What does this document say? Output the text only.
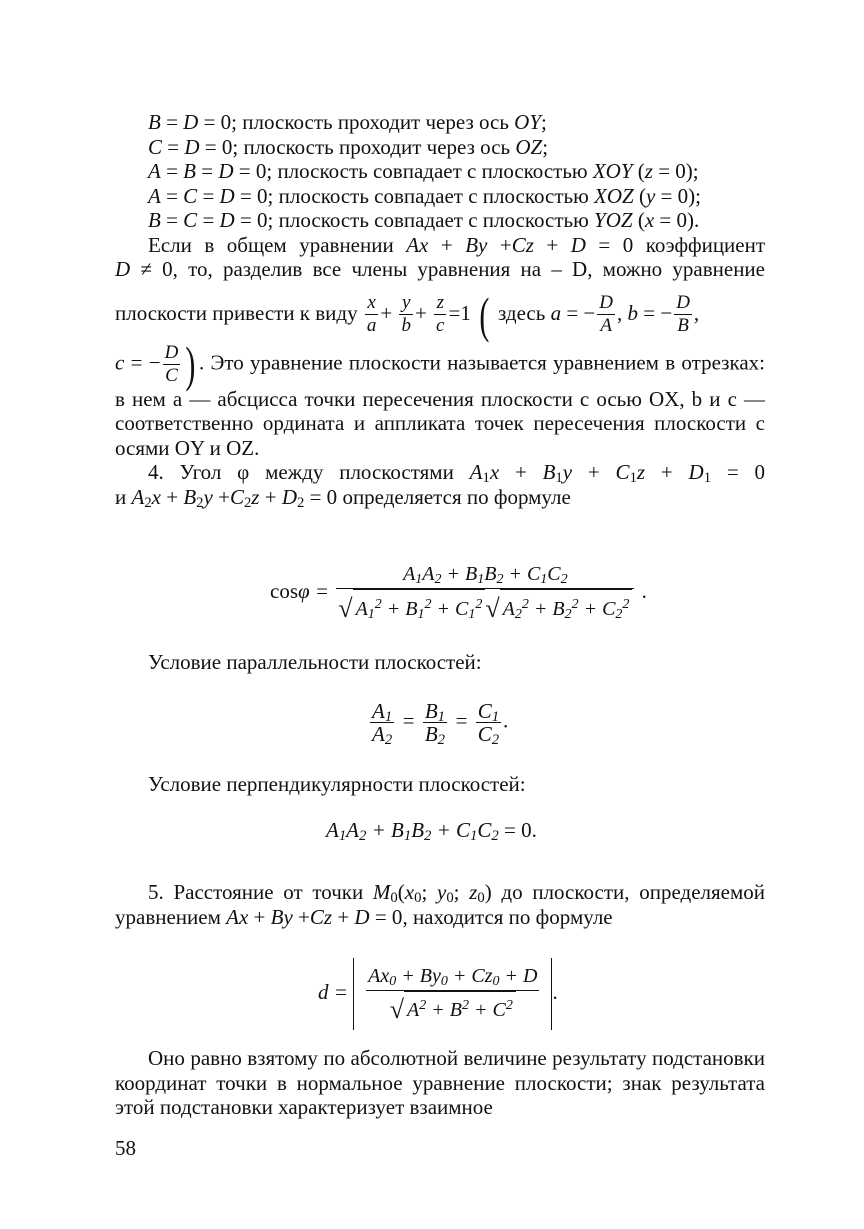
B = D = 0; плоскость проходит через ось OY;

C = D = 0; плоскость проходит через ось OZ;

A = B = D = 0; плоскость совпадает с плоскостью XOY (z = 0);

A = C = D = 0; плоскость совпадает с плоскостью XOZ (y = 0);

B = C = D = 0; плоскость совпадает с плоскостью YOZ (x = 0).

Если в общем уравнении Ax + By +Cz + D = 0 коэффициент

D ≠ 0, то, разделив все члены уравнения на – D, можно уравнение

плоскости привести к виду $\frac{x}{a} + \frac{y}{b} + \frac{z}{c} =1$ ( здесь a = − $\frac{D}{A}$ , b = − $\frac{D}{B}$ ,

c = − $\frac{D}{C}$ ) . Это уравнение плоскости называется уравнением в отрезках: в нем a — абсцисса точки пересечения плоскости с осью OX, b и c — соответственно ордината и аппликата точек пересечения плоскости с осями OY и OZ.

4. Угол φ между плоскостями $A_1x + B_1y + C_1z + D_1 = 0$

и $A_2x + B_2y +C_2z + D_2 = 0$ определяется по формуле

$\cos\varphi = \frac{A_1A_2 + B_1B_2 + C_1C_2}{√ A_1^2 + B_1^2 + C_1^2 √ A_2^2 + B_2^2 + C_2^2}$ .

Условие параллельности плоскостей:

$\frac{A_1}{A_2} = \frac{B_1}{B_2} = \frac{C_1}{C_2}$ .

Условие перпендикулярности плоскостей:

$A_1A_2 + B_1B_2 + C_1C_2 = 0$.

5. Расстояние от точки $M_0(x_0$; $y_0$; $z_0$) до плоскости, определяемой уравнением Ax + By +Cz + D = 0, находится по формуле

$d = \frac{Ax_0 + By_0 + Cz_0 + D}{√ A^2 + B^2 + C^2}$ .

Оно равно взятому по абсолютной величине результату подстановки координат точки в нормальное уравнение плоскости; знак результата этой подстановки характеризует взаимное

58
